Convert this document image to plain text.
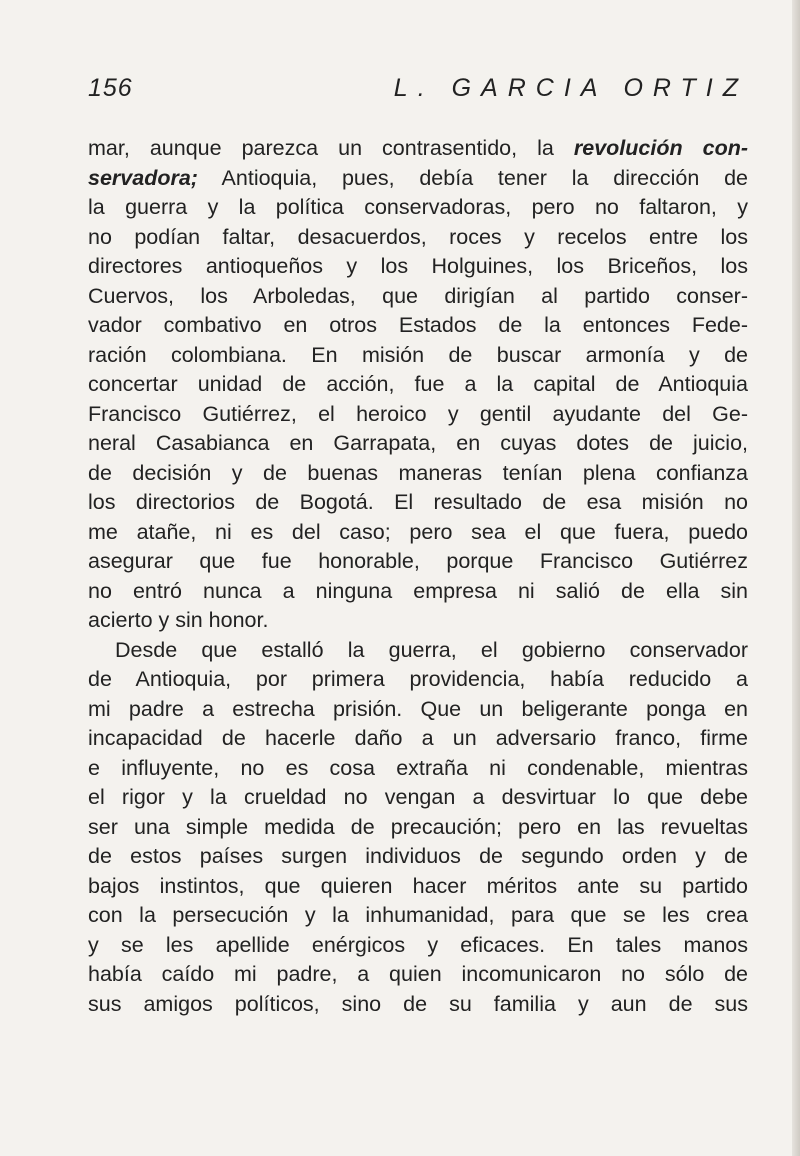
156	L. GARCIA ORTIZ
mar, aunque parezca un contrasentido, la revolución con-
servadora; Antioquia, pues, debía tener la dirección de
la guerra y la política conservadoras, pero no faltaron, y
no podían faltar, desacuerdos, roces y recelos entre los
directores antioqueños y los Holguines, los Briceños, los
Cuervos, los Arboledas, que dirigían al partido conser-
vador combativo en otros Estados de la entonces Fede-
ración colombiana. En misión de buscar armonía y de
concertar unidad de acción, fue a la capital de Antioquia
Francisco Gutiérrez, el heroico y gentil ayudante del Ge-
neral Casabianca en Garrapata, en cuyas dotes de juicio,
de decisión y de buenas maneras tenían plena confianza
los directorios de Bogotá. El resultado de esa misión no
me atañe, ni es del caso; pero sea el que fuera, puedo
asegurar que fue honorable, porque Francisco Gutiérrez
no entró nunca a ninguna empresa ni salió de ella sin
acierto y sin honor.
Desde que estalló la guerra, el gobierno conservador
de Antioquia, por primera providencia, había reducido a
mi padre a estrecha prisión. Que un beligerante ponga en
incapacidad de hacerle daño a un adversario franco, firme
e influyente, no es cosa extraña ni condenable, mientras
el rigor y la crueldad no vengan a desvirtuar lo que debe
ser una simple medida de precaución; pero en las revueltas
de estos países surgen individuos de segundo orden y de
bajos instintos, que quieren hacer méritos ante su partido
con la persecución y la inhumanidad, para que se les crea
y se les apellide enérgicos y eficaces. En tales manos
había caído mi padre, a quien incomunicaron no sólo de
sus amigos políticos, sino de su familia y aun de sus
